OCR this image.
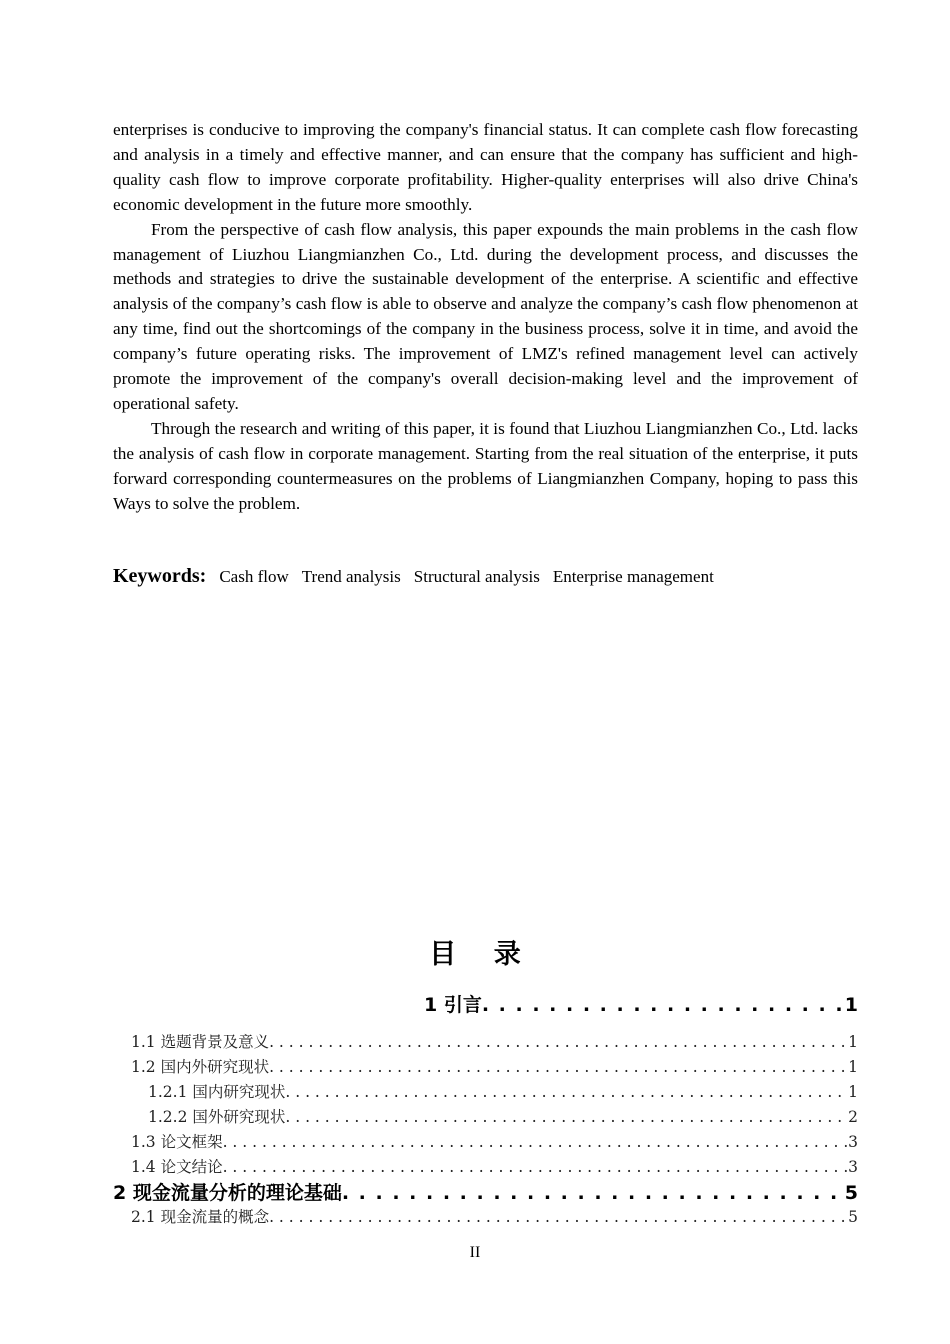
enterprises is conducive to improving the company's financial status. It can complete cash flow forecasting and analysis in a timely and effective manner, and can ensure that the company has sufficient and high-quality cash flow to improve corporate profitability. Higher-quality enterprises will also drive China's economic development in the future more smoothly.

From the perspective of cash flow analysis, this paper expounds the main problems in the cash flow management of Liuzhou Liangmianzhen Co., Ltd. during the development process, and discusses the methods and strategies to drive the sustainable development of the enterprise. A scientific and effective analysis of the company’s cash flow is able to observe and analyze the company’s cash flow phenomenon at any time, find out the shortcomings of the company in the business process, solve it in time, and avoid the company’s future operating risks. The improvement of LMZ's refined management level can actively promote the improvement of the company's overall decision-making level and the improvement of operational safety.

Through the research and writing of this paper, it is found that Liuzhou Liangmianzhen Co., Ltd. lacks the analysis of cash flow in corporate management. Starting from the real situation of the enterprise, it puts forward corresponding countermeasures on the problems of Liangmianzhen Company, hoping to pass this Ways to solve the problem.

Keywords: Cash flow Trend analysis Structural analysis Enterprise management
目 录
1 引言 . . .	1
1.1 选题背景及意义 . . .	1
1.2 国内外研究现状 . . .	1
1.2.1 国内研究现状 . . .	1
1.2.2 国外研究现状 . . .	2
1.3 论文框架 . . .	3
1.4 论文结论 . . .	3
2 现金流量分析的理论基础 . . .	5
2.1 现金流量的概念 . . .	5
II
